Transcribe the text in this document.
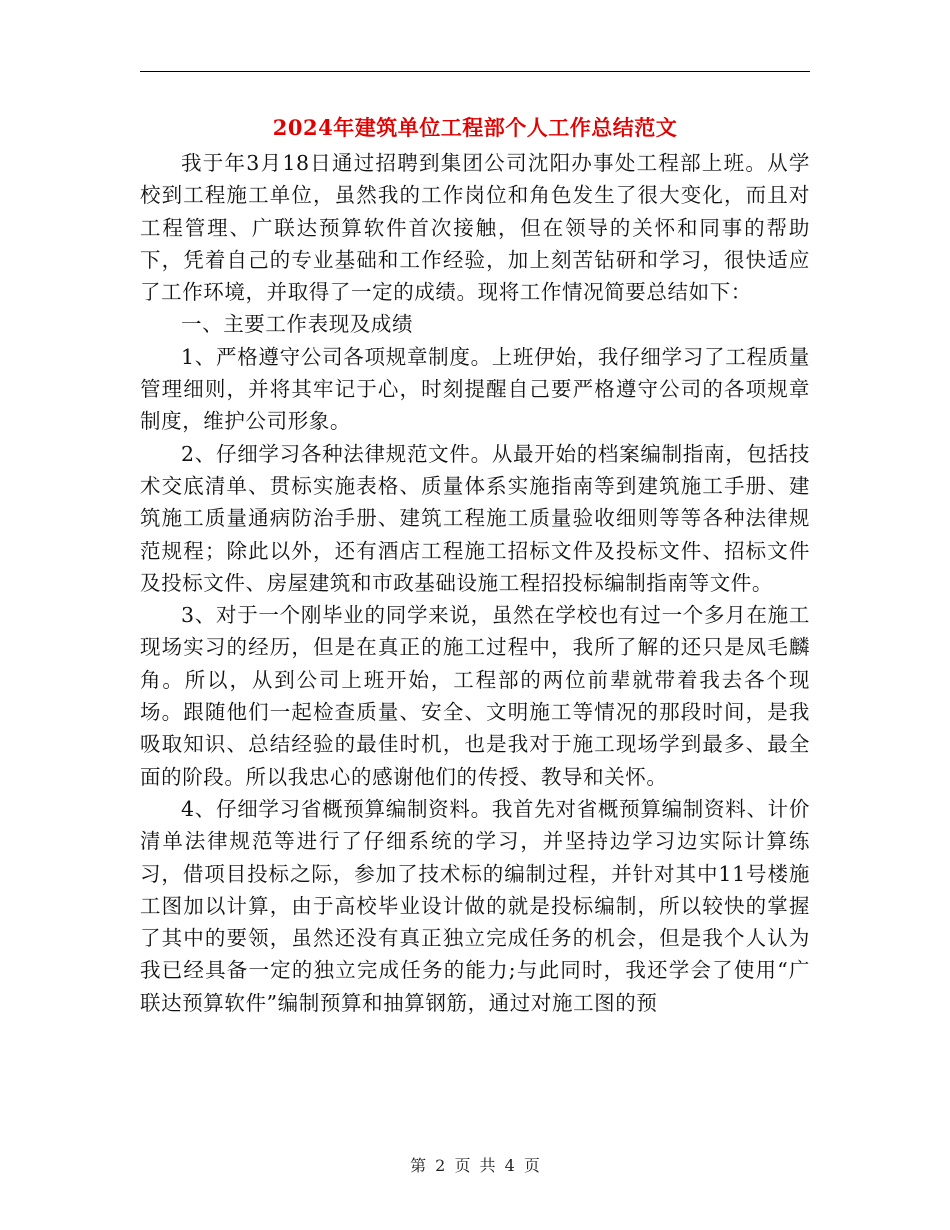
2024年建筑单位工程部个人工作总结范文

我于年3月18日通过招聘到集团公司沈阳办事处工程部上班。从学校到工程施工单位，虽然我的工作岗位和角色发生了很大变化，而且对工程管理、广联达预算软件首次接触，但在领导的关怀和同事的帮助下，凭着自己的专业基础和工作经验，加上刻苦钻研和学习，很快适应了工作环境，并取得了一定的成绩。现将工作情况简要总结如下：

一、主要工作表现及成绩

1、严格遵守公司各项规章制度。上班伊始，我仔细学习了工程质量管理细则，并将其牢记于心，时刻提醒自己要严格遵守公司的各项规章制度，维护公司形象。

2、仔细学习各种法律规范文件。从最开始的档案编制指南，包括技术交底清单、贯标实施表格、质量体系实施指南等到建筑施工手册、建筑施工质量通病防治手册、建筑工程施工质量验收细则等等各种法律规范规程；除此以外，还有酒店工程施工招标文件及投标文件、招标文件及投标文件、房屋建筑和市政基础设施工程招投标编制指南等文件。

3、对于一个刚毕业的同学来说，虽然在学校也有过一个多月在施工现场实习的经历，但是在真正的施工过程中，我所了解的还只是凤毛麟角。所以，从到公司上班开始，工程部的两位前辈就带着我去各个现场。跟随他们一起检查质量、安全、文明施工等情况的那段时间，是我吸取知识、总结经验的最佳时机，也是我对于施工现场学到最多、最全面的阶段。所以我忠心的感谢他们的传授、教导和关怀。

4、仔细学习省概预算编制资料。我首先对省概预算编制资料、计价清单法律规范等进行了仔细系统的学习，并坚持边学习边实际计算练习，借项目投标之际，参加了技术标的编制过程，并针对其中11号楼施工图加以计算，由于高校毕业设计做的就是投标编制，所以较快的掌握了其中的要领，虽然还没有真正独立完成任务的机会，但是我个人认为我已经具备一定的独立完成任务的能力;与此同时，我还学会了使用“广联达预算软件”编制预算和抽算钢筋，通过对施工图的预

第 2 页 共 4 页
